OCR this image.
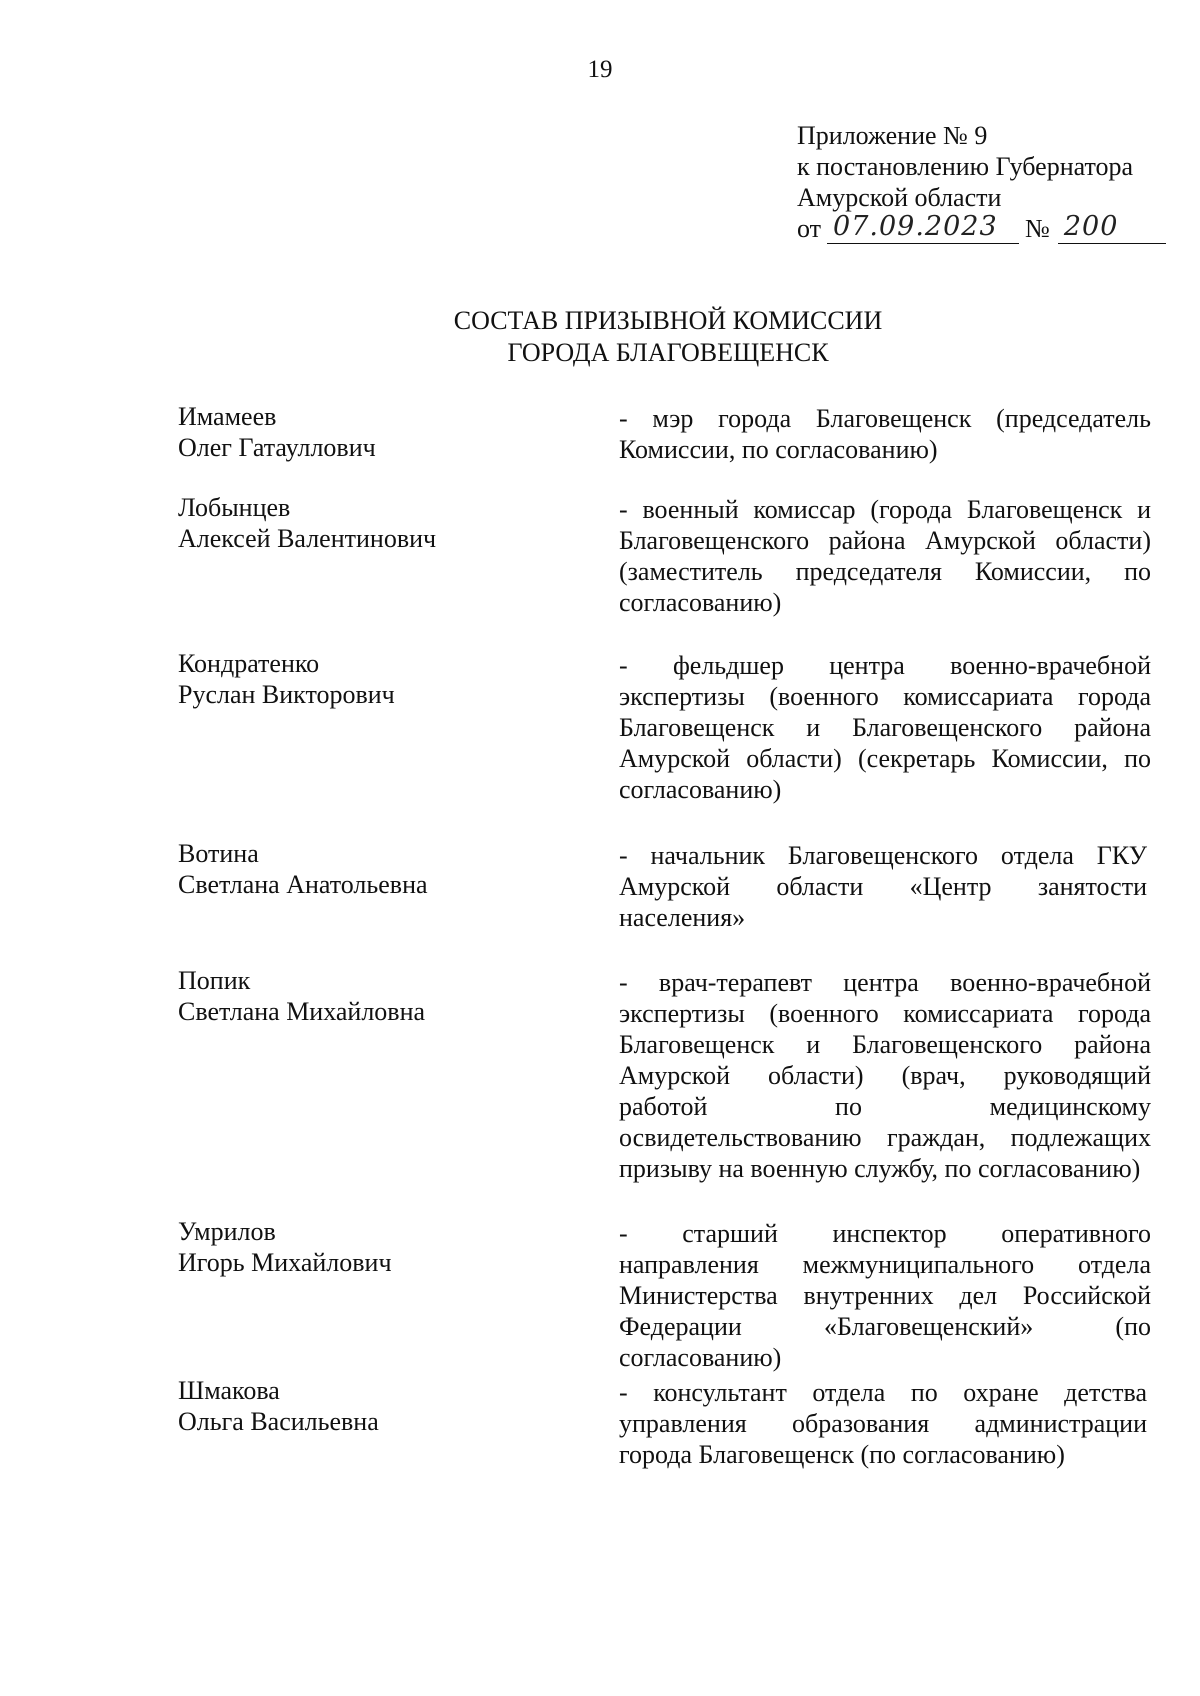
19
Приложение № 9
к постановлению Губернатора
Амурской области
от 07.09.2023 № 200
СОСТАВ ПРИЗЫВНОЙ КОМИССИИ
ГОРОДА БЛАГОВЕЩЕНСК
Имамеев
Олег Гатауллович
- мэр города Благовещенск (председатель Комиссии, по согласованию)
Лобынцев
Алексей Валентинович
- военный комиссар (города Благовещенск и Благовещенского района Амурской области) (заместитель председателя Комиссии, по согласованию)
Кондратенко
Руслан Викторович
- фельдшер центра военно-врачебной экспертизы (военного комиссариата города Благовещенск и Благовещенского района Амурской области) (секретарь Комиссии, по согласованию)
Вотина
Светлана Анатольевна
- начальник Благовещенского отдела ГКУ Амурской области «Центр занятости населения»
Попик
Светлана Михайловна
- врач-терапевт центра военно-врачебной экспертизы (военного комиссариата города Благовещенск и Благовещенского района Амурской области) (врач, руководящий работой по медицинскому освидетельствованию граждан, подлежащих призыву на военную службу, по согласованию)
Умрилов
Игорь Михайлович
- старший инспектор оперативного направления межмуниципального отдела Министерства внутренних дел Российской Федерации «Благовещенский» (по согласованию)
Шмакова
Ольга Васильевна
- консультант отдела по охране детства управления образования администрации города Благовещенск (по согласованию)
